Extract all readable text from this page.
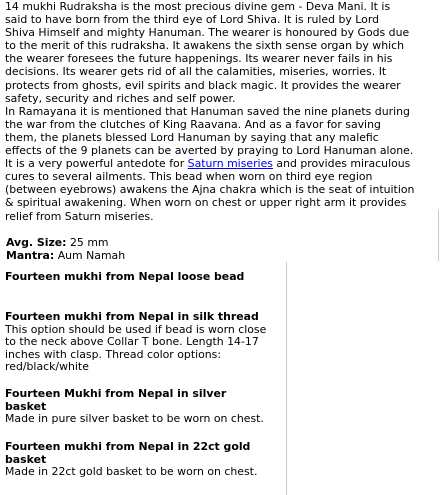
14 mukhi Rudraksha is the most precious divine gem - Deva Mani. It is
said to have born from the third eye of Lord Shiva. It is ruled by Lord
Shiva Himself and mighty Hanuman. The wearer is honoured by Gods due
to the merit of this rudraksha. It awakens the sixth sense organ by which
the wearer foresees the future happenings. Its wearer never fails in his
decisions. Its wearer gets rid of all the calamities, miseries, worries. It
protects from ghosts, evil spirits and black magic. It provides the wearer
safety, security and riches and self power.
In Ramayana it is mentioned that Hanuman saved the nine planets during
the war from the clutches of King Raavana. And as a favor for saving
them, the planets blessed Lord Hanuman by saying that any malefic
effects of the 9 planets can be averted by praying to Lord Hanuman alone.
It is a very powerful antedote for Saturn miseries and provides miraculous
cures to several ailments. This bead when worn on third eye region
(between eyebrows) awakens the Ajna chakra which is the seat of intuition
& spiritual awakening. When worn on chest or upper right arm it provides
relief from Saturn miseries.
Avg. Size: 25 mm
Mantra: Aum Namah
Fourteen mukhi from Nepal loose bead
Fourteen mukhi from Nepal in silk thread
This option should be used if bead is worn close
to the neck above Collar T bone. Length 14-17
inches with clasp. Thread color options:
red/black/white
Fourteen Mukhi from Nepal in silver
basket
Made in pure silver basket to be worn on chest.
Fourteen mukhi from Nepal in 22ct gold
basket
Made in 22ct gold basket to be worn on chest.
